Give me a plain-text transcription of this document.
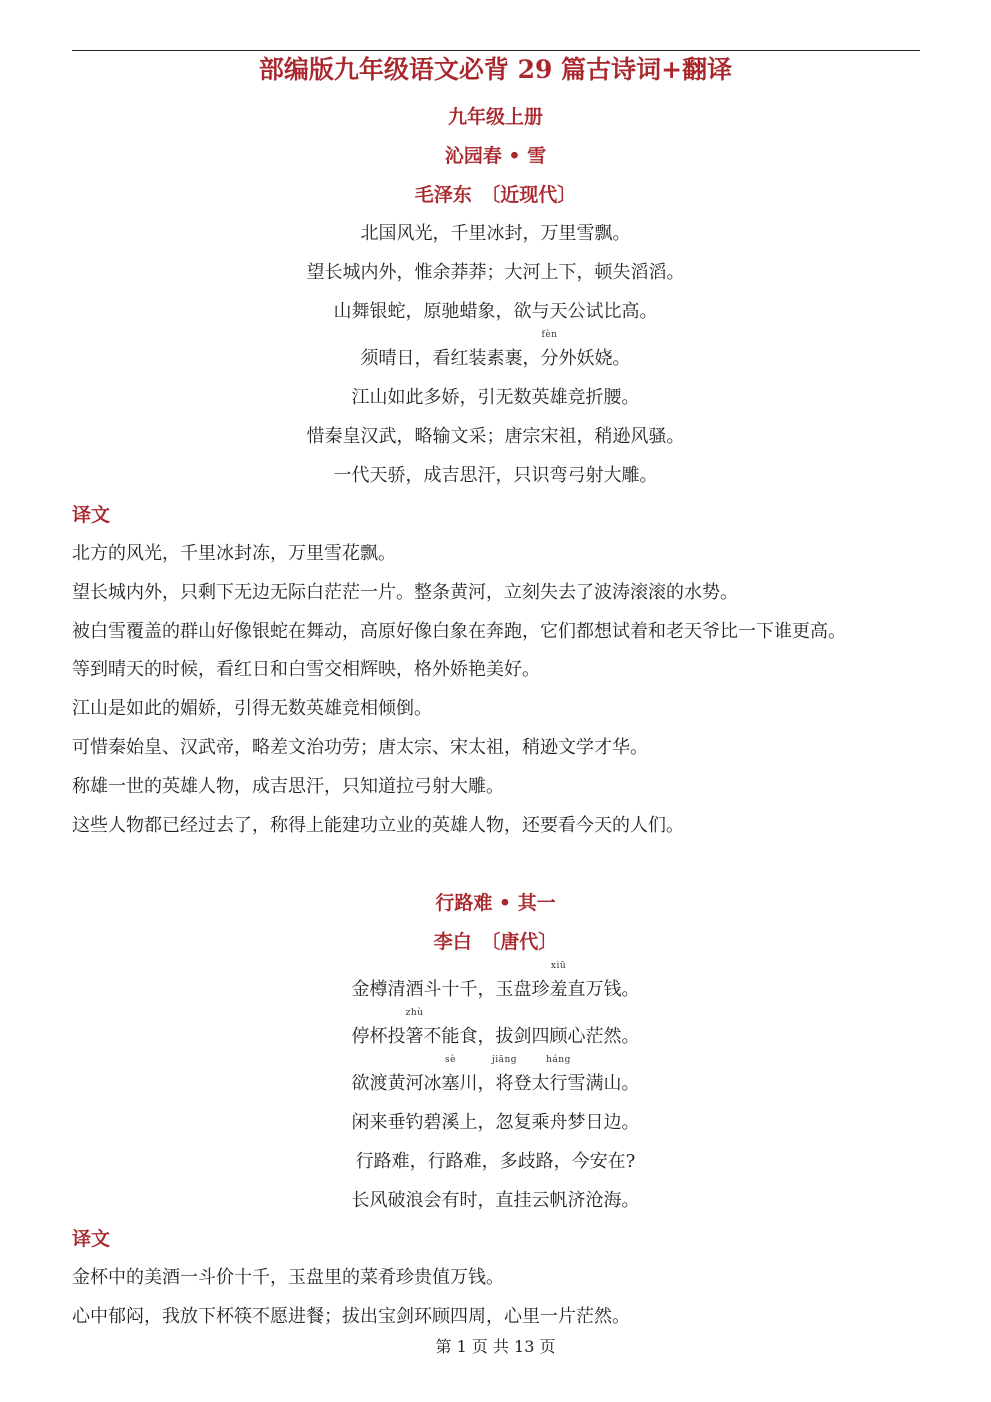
部编版九年级语文必背 29 篇古诗词+翻译
九年级上册
沁园春 • 雪
毛泽东　〔近现代〕
北国风光，千里冰封，万里雪飘。
望长城内外，惟余莽莽；大河上下，顿失滔滔。
山舞银蛇，原驰蜡象，欲与天公试比高。
须晴日，看红装素裹，
fèn
分外妖娆。
江山如此多娇，引无数英雄竞折腰。
惜秦皇汉武，略输文采；唐宗宋祖，稍逊风骚。
一代天骄，成吉思汗，只识弯弓射大雕。
译文
北方的风光，千里冰封冻，万里雪花飘。
望长城内外，只剩下无边无际白茫茫一片。整条黄河，立刻失去了波涛滚滚的水势。
被白雪覆盖的群山好像银蛇在舞动，高原好像白象在奔跑，它们都想试着和老天爷比一下谁更高。
等到晴天的时候，看红日和白雪交相辉映，格外娇艳美好。
江山是如此的媚娇，引得无数英雄竞相倾倒。
可惜秦始皇、汉武帝，略差文治功劳；唐太宗、宋太祖，稍逊文学才华。
称雄一世的英雄人物，成吉思汗，只知道拉弓射大雕。
这些人物都已经过去了，称得上能建功立业的英雄人物，还要看今天的人们。
行路难 • 其一
李白　〔唐代〕
金樽清酒斗十千，玉盘珍
xiū
羞直万钱。
停杯投
zhù
箸不能食，拔剑四顾心茫然。
欲渡黄河冰
sè
塞川，
jiāng
将登太
háng
行雪满山。
闲来垂钓碧溪上，忽复乘舟梦日边。
行路难，行路难，多歧路，今安在?
长风破浪会有时，直挂云帆济沧海。
译文
金杯中的美酒一斗价十千，玉盘里的菜肴珍贵值万钱。
心中郁闷，我放下杯筷不愿进餐；拔出宝剑环顾四周，心里一片茫然。
第 1 页 共 13 页
